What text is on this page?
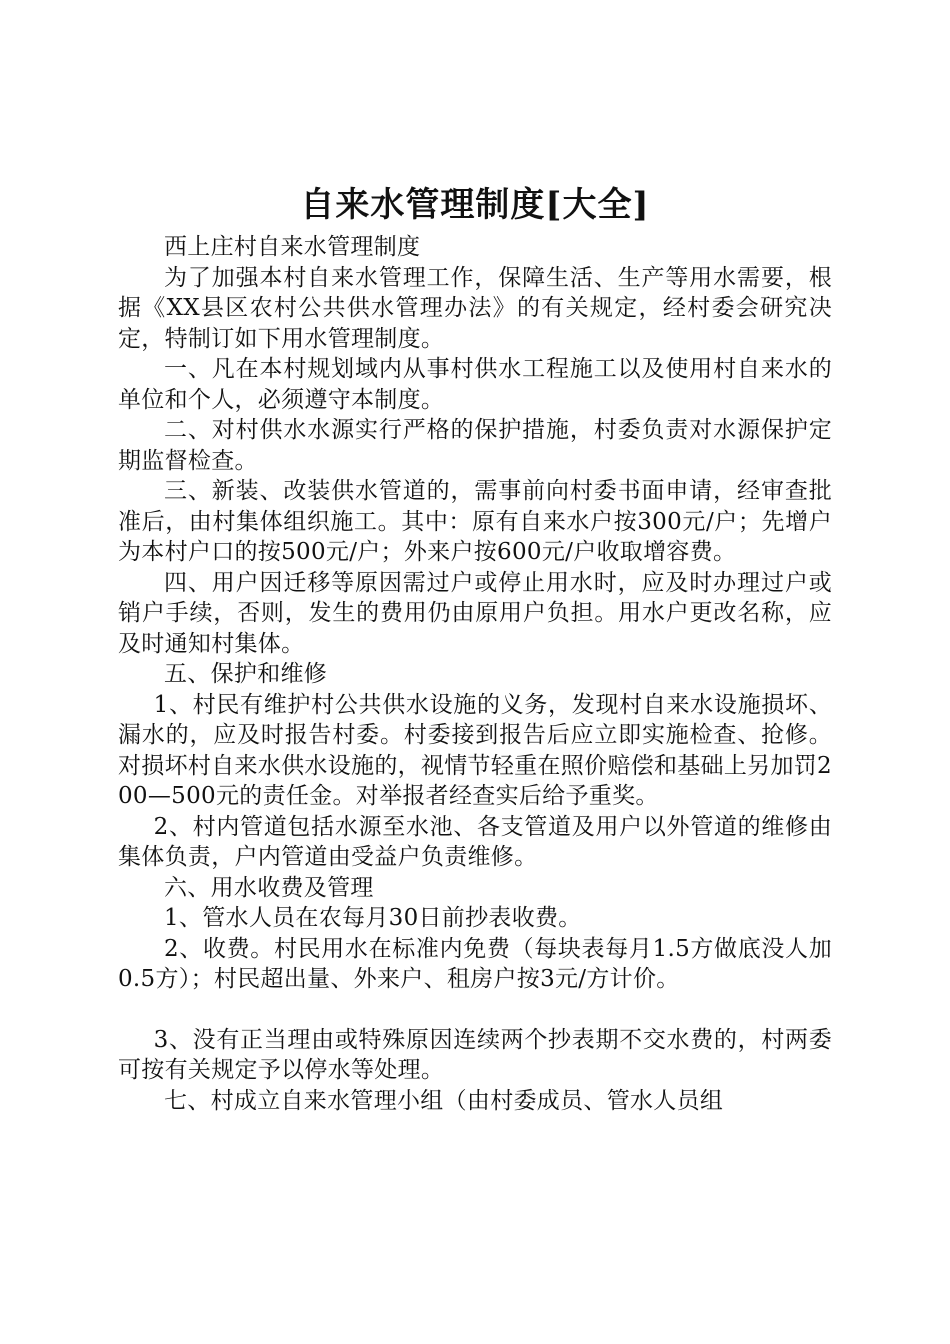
自来水管理制度[大全]

西上庄村自来水管理制度

为了加强本村自来水管理工作，保障生活、生产等用水需要，根据《XX县区农村公共供水管理办法》的有关规定，经村委会研究决定，特制订如下用水管理制度。

一、凡在本村规划域内从事村供水工程施工以及使用村自来水的单位和个人，必须遵守本制度。

二、对村供水水源实行严格的保护措施，村委负责对水源保护定期监督检查。

三、新装、改装供水管道的，需事前向村委书面申请，经审查批准后，由村集体组织施工。其中：原有自来水户按300元/户；先增户为本村户口的按500元/户；外来户按600元/户收取增容费。

四、用户因迁移等原因需过户或停止用水时，应及时办理过户或销户手续，否则，发生的费用仍由原用户负担。用水户更改名称，应及时通知村集体。

五、保护和维修

1、村民有维护村公共供水设施的义务，发现村自来水设施损坏、漏水的，应及时报告村委。村委接到报告后应立即实施检查、抢修。对损坏村自来水供水设施的，视情节轻重在照价赔偿和基础上另加罚200—500元的责任金。对举报者经查实后给予重奖。

2、村内管道包括水源至水池、各支管道及用户以外管道的维修由集体负责，户内管道由受益户负责维修。

六、用水收费及管理

1、管水人员在农每月30日前抄表收费。

2、收费。村民用水在标准内免费（每块表每月1.5方做底没人加0.5方）；村民超出量、外来户、租房户按3元/方计价。

3、没有正当理由或特殊原因连续两个抄表期不交水费的，村两委可按有关规定予以停水等处理。

七、村成立自来水管理小组（由村委成员、管水人员组
